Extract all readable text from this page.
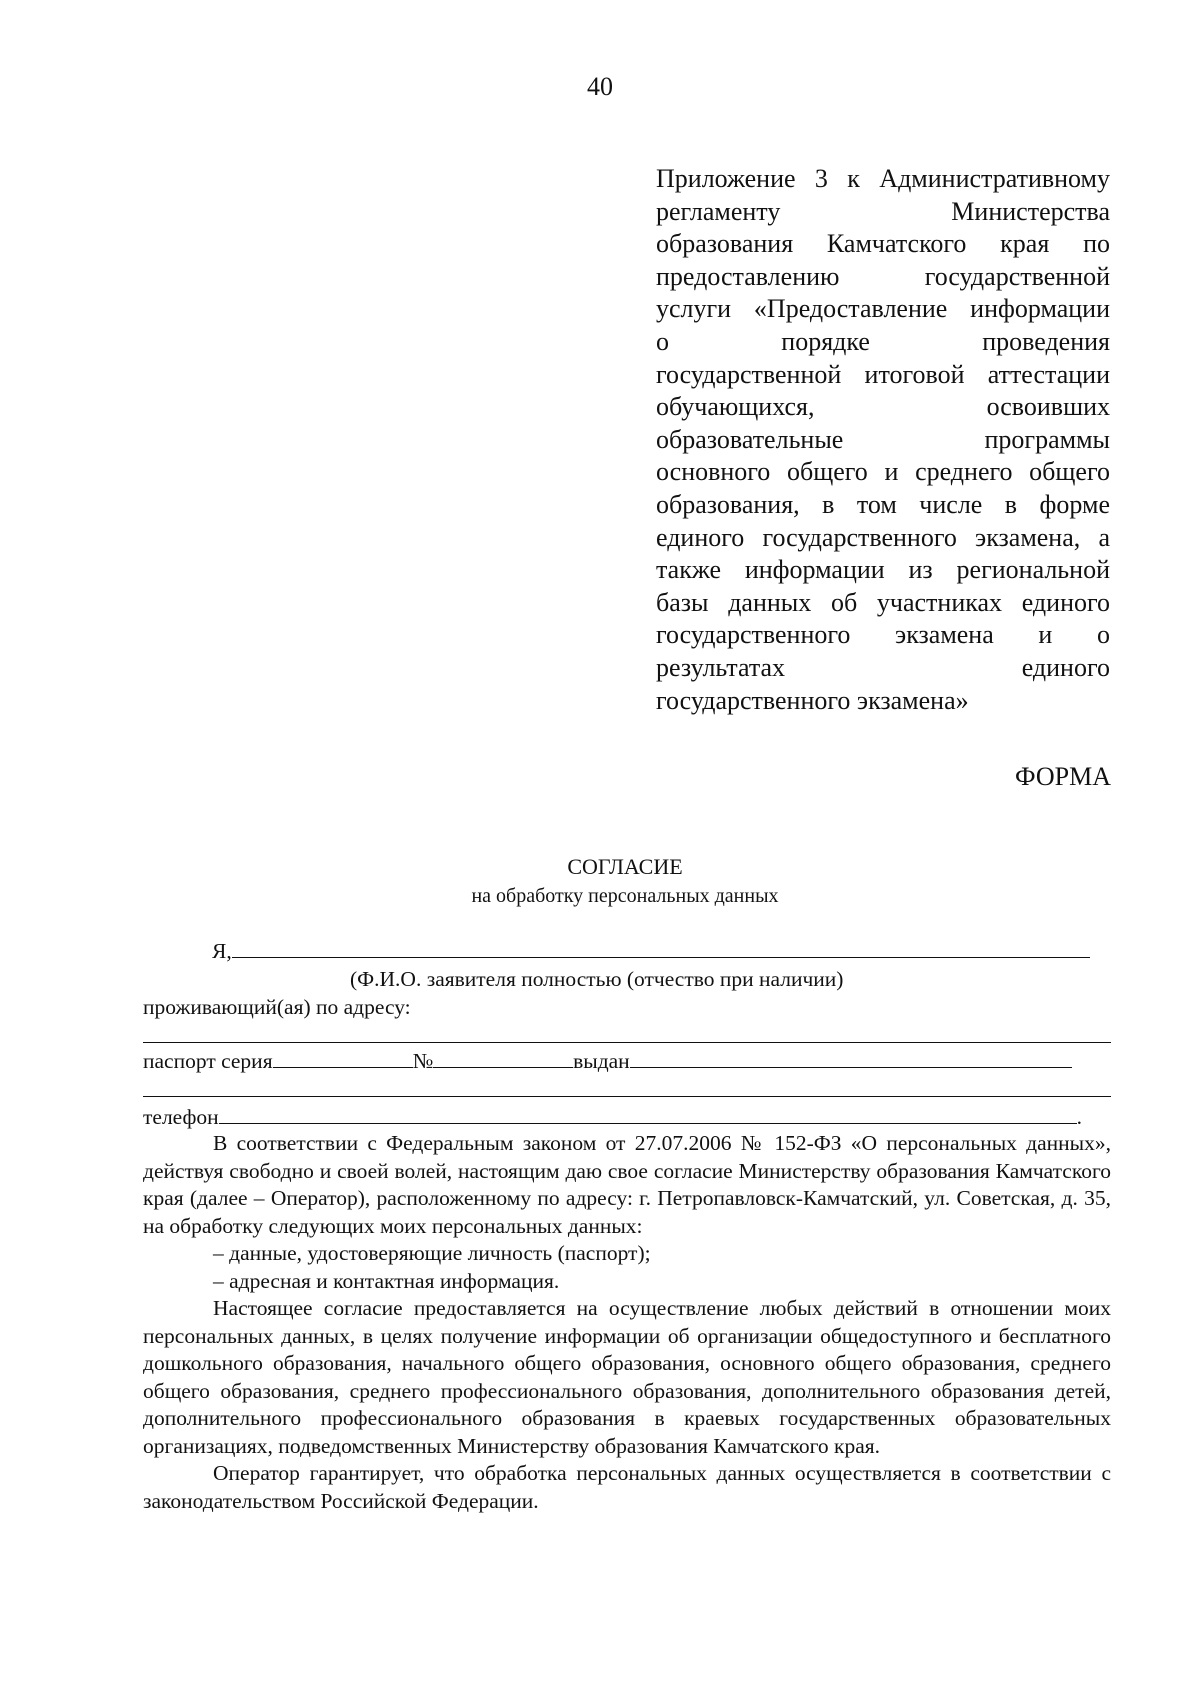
40
Приложение 3 к Административному
регламенту Министерства
образования Камчатского края по
предоставлению государственной
услуги «Предоставление информации
о порядке проведения
государственной итоговой аттестации
обучающихся, освоивших
образовательные программы
основного общего и среднего общего
образования, в том числе в форме
единого государственного экзамена, а
также информации из региональной
базы данных об участниках единого
государственного экзамена и о
результатах единого
государственного экзамена»
ФОРМА
СОГЛАСИЕ
на обработку персональных данных
Я,
(Ф.И.О. заявителя полностью (отчество при наличии)
проживающий(ая) по адресу:
паспорт серия	№	выдан
телефон	.

В соответствии с Федеральным законом от 27.07.2006 № 152-ФЗ «О персональных данных», действуя свободно и своей волей, настоящим даю свое согласие Министерству образования Камчатского края (далее – Оператор), расположенному по адресу: г. Петропавловск-Камчатский, ул. Советская, д. 35, на обработку следующих моих персональных данных:

– данные, удостоверяющие личность (паспорт);

– адресная и контактная информация.

Настоящее согласие предоставляется на осуществление любых действий в отношении моих персональных данных, в целях получение информации об организации общедоступного и бесплатного дошкольного образования, начального общего образования, основного общего образования, среднего общего образования, среднего профессионального образования, дополнительного образования детей, дополнительного профессионального образования в краевых государственных образовательных организациях, подведомственных Министерству образования Камчатского края.

Оператор гарантирует, что обработка персональных данных осуществляется в соответствии с законодательством Российской Федерации.
